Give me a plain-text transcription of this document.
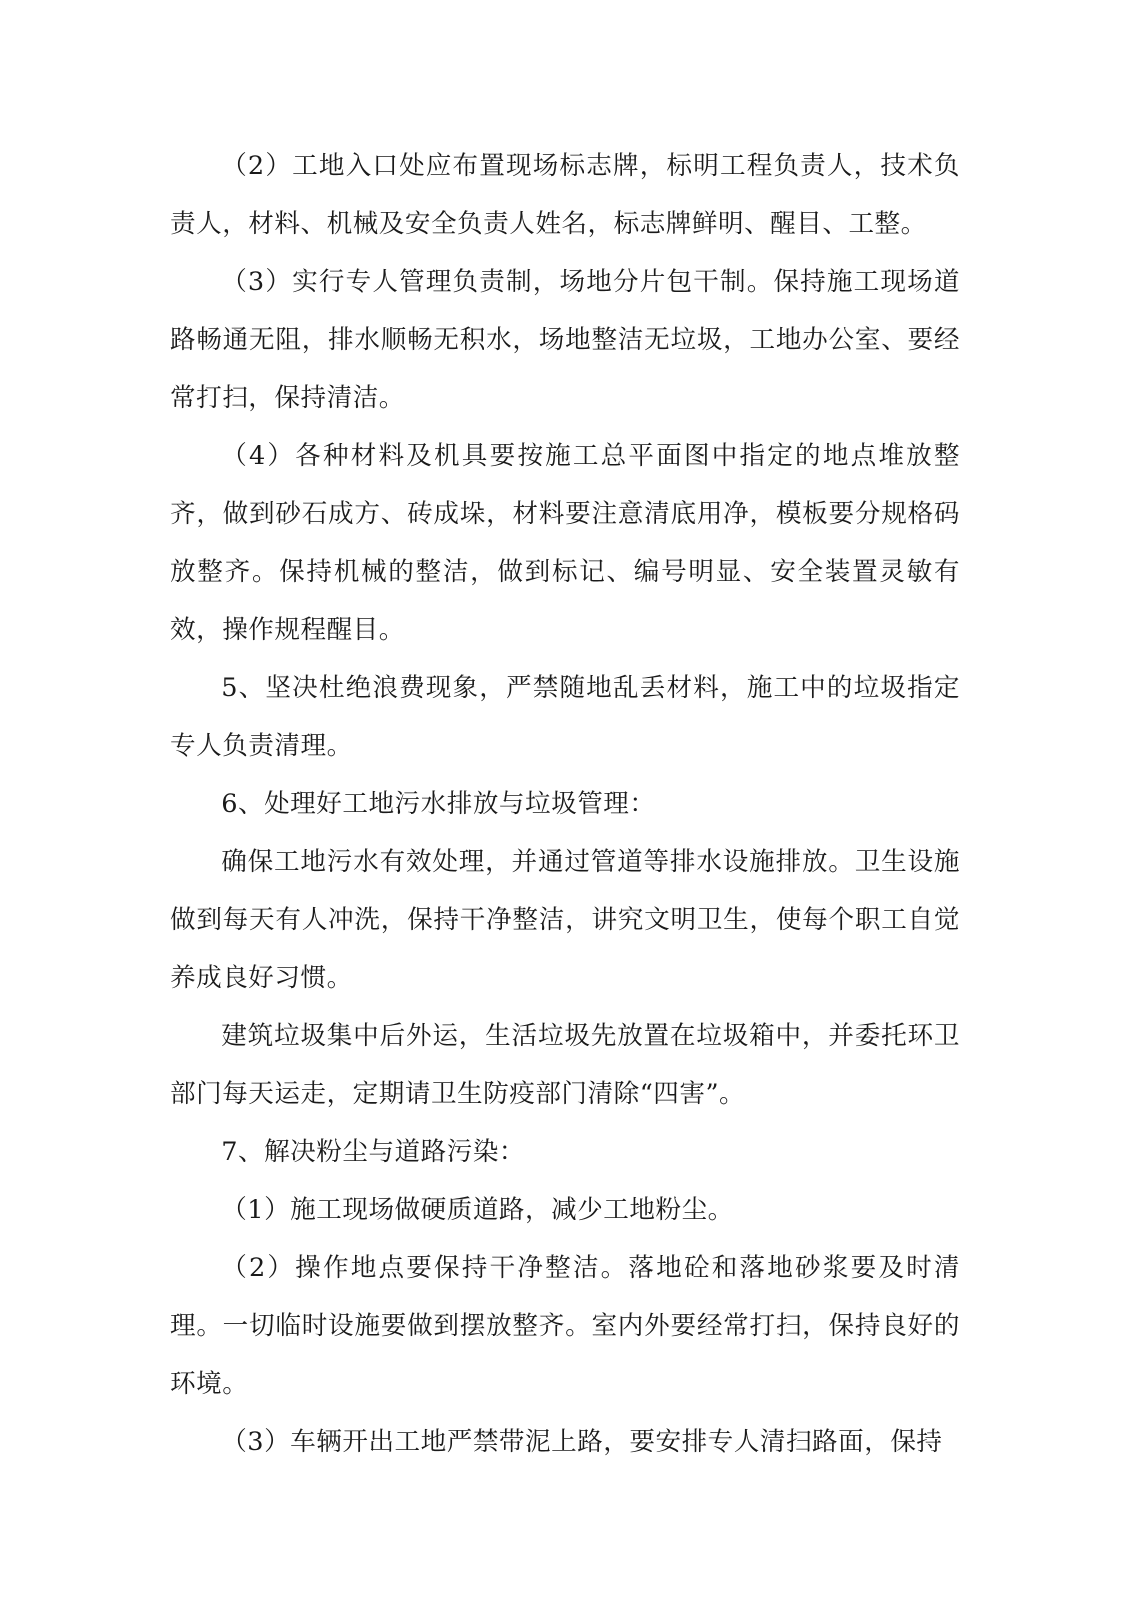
（2）工地入口处应布置现场标志牌，标明工程负责人，技术负责人，材料、机械及安全负责人姓名，标志牌鲜明、醒目、工整。

（3）实行专人管理负责制，场地分片包干制。保持施工现场道路畅通无阻，排水顺畅无积水，场地整洁无垃圾，工地办公室、要经常打扫，保持清洁。

（4）各种材料及机具要按施工总平面图中指定的地点堆放整齐，做到砂石成方、砖成垛，材料要注意清底用净，模板要分规格码放整齐。保持机械的整洁，做到标记、编号明显、安全装置灵敏有效，操作规程醒目。

5、坚决杜绝浪费现象，严禁随地乱丢材料，施工中的垃圾指定专人负责清理。

6、处理好工地污水排放与垃圾管理：

确保工地污水有效处理，并通过管道等排水设施排放。卫生设施做到每天有人冲洗，保持干净整洁，讲究文明卫生，使每个职工自觉养成良好习惯。

建筑垃圾集中后外运，生活垃圾先放置在垃圾箱中，并委托环卫部门每天运走，定期请卫生防疫部门清除“四害”。

7、解决粉尘与道路污染：

（1）施工现场做硬质道路，减少工地粉尘。

（2）操作地点要保持干净整洁。落地砼和落地砂浆要及时清理。一切临时设施要做到摆放整齐。室内外要经常打扫，保持良好的环境。

（3）车辆开出工地严禁带泥上路，要安排专人清扫路面，保持
